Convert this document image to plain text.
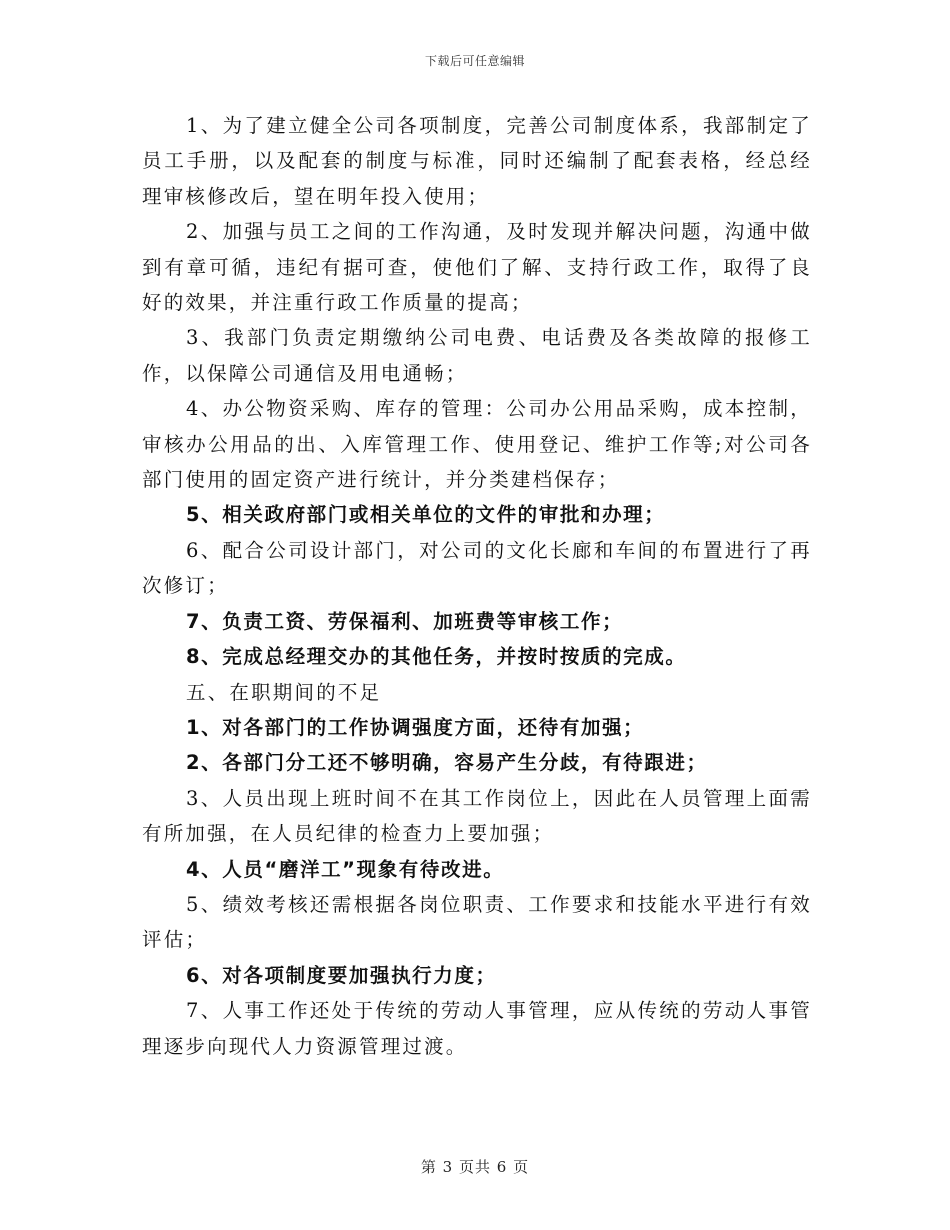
下载后可任意编辑

1、为了建立健全公司各项制度，完善公司制度体系，我部制定了员工手册，以及配套的制度与标准，同时还编制了配套表格，经总经理审核修改后，望在明年投入使用；

2、加强与员工之间的工作沟通，及时发现并解决问题，沟通中做到有章可循，违纪有据可查，使他们了解、支持行政工作，取得了良好的效果，并注重行政工作质量的提高；

3、我部门负责定期缴纳公司电费、电话费及各类故障的报修工作，以保障公司通信及用电通畅；

4、办公物资采购、库存的管理：公司办公用品采购，成本控制，审核办公用品的出、入库管理工作、使用登记、维护工作等;对公司各部门使用的固定资产进行统计，并分类建档保存；

5、相关政府部门或相关单位的文件的审批和办理；

6、配合公司设计部门，对公司的文化长廊和车间的布置进行了再次修订；

7、负责工资、劳保福利、加班费等审核工作；

8、完成总经理交办的其他任务，并按时按质的完成。

五、在职期间的不足

1、对各部门的工作协调强度方面，还待有加强；

2、各部门分工还不够明确，容易产生分歧，有待跟进；

3、人员出现上班时间不在其工作岗位上，因此在人员管理上面需有所加强，在人员纪律的检查力上要加强；

4、人员“磨洋工”现象有待改进。

5、绩效考核还需根据各岗位职责、工作要求和技能水平进行有效评估；

6、对各项制度要加强执行力度；

7、人事工作还处于传统的劳动人事管理，应从传统的劳动人事管理逐步向现代人力资源管理过渡。

第 3 页共 6 页
